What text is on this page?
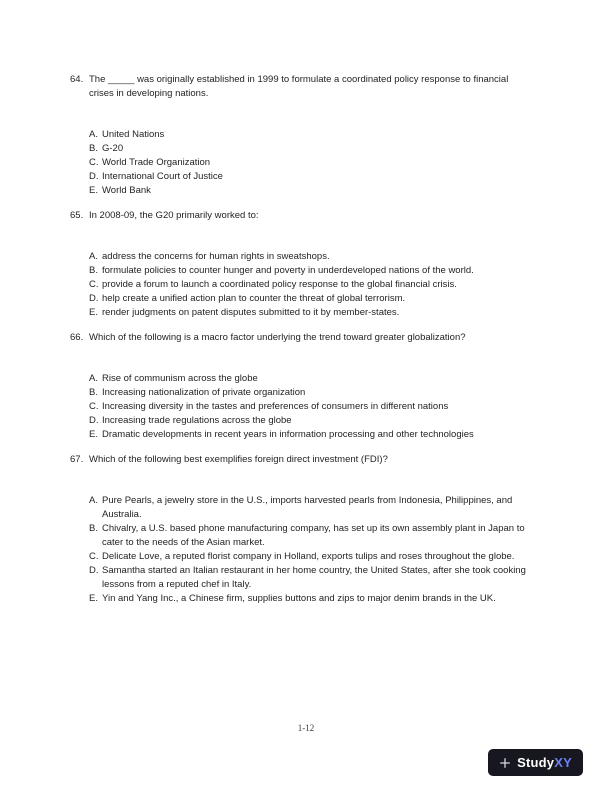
64. The _____ was originally established in 1999 to formulate a coordinated policy response to financial crises in developing nations.
A. United Nations
B. G-20
C. World Trade Organization
D. International Court of Justice
E. World Bank
65. In 2008-09, the G20 primarily worked to:
A. address the concerns for human rights in sweatshops.
B. formulate policies to counter hunger and poverty in underdeveloped nations of the world.
C. provide a forum to launch a coordinated policy response to the global financial crisis.
D. help create a unified action plan to counter the threat of global terrorism.
E. render judgments on patent disputes submitted to it by member-states.
66. Which of the following is a macro factor underlying the trend toward greater globalization?
A. Rise of communism across the globe
B. Increasing nationalization of private organization
C. Increasing diversity in the tastes and preferences of consumers in different nations
D. Increasing trade regulations across the globe
E. Dramatic developments in recent years in information processing and other technologies
67. Which of the following best exemplifies foreign direct investment (FDI)?
A. Pure Pearls, a jewelry store in the U.S., imports harvested pearls from Indonesia, Philippines, and Australia.
B. Chivalry, a U.S. based phone manufacturing company, has set up its own assembly plant in Japan to cater to the needs of the Asian market.
C. Delicate Love, a reputed florist company in Holland, exports tulips and roses throughout the globe.
D. Samantha started an Italian restaurant in her home country, the United States, after she took cooking lessons from a reputed chef in Italy.
E. Yin and Yang Inc., a Chinese firm, supplies buttons and zips to major denim brands in the UK.
1-12
StudyXY
